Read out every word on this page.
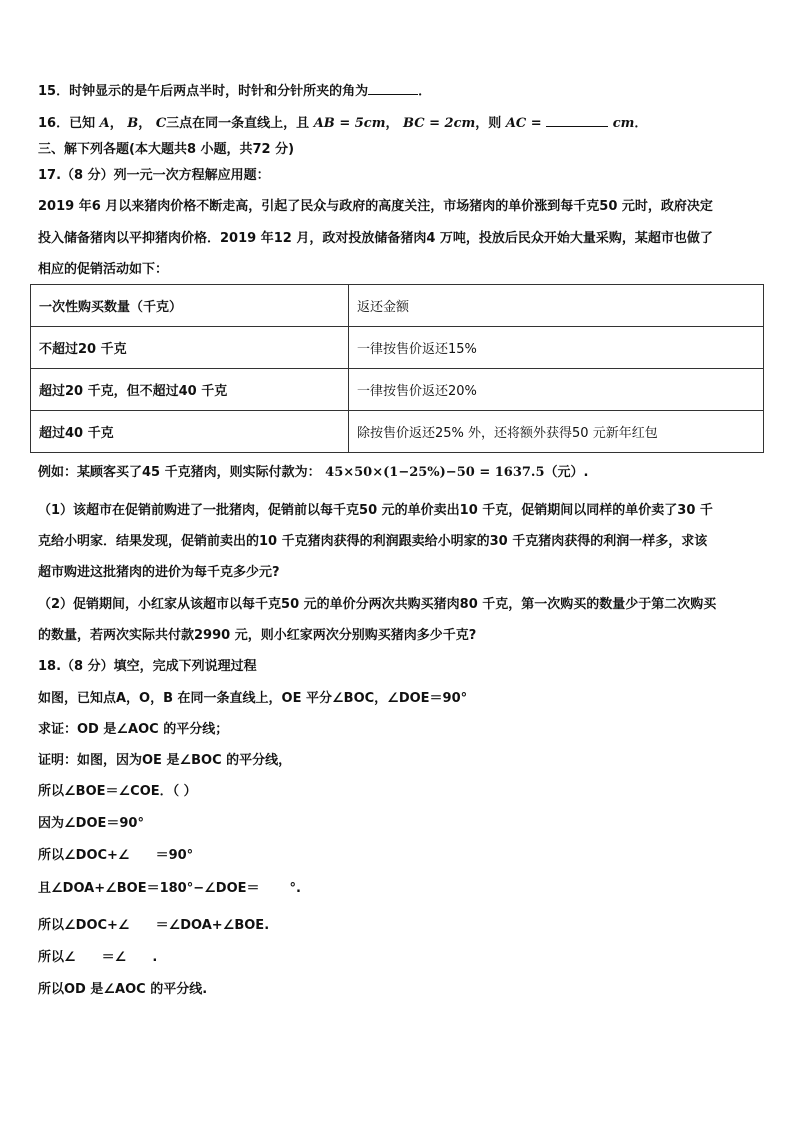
15．时钟显示的是午后两点半时，时针和分针所夹的角为	．
16．已知 A， B， C三点在同一条直线上，且 AB = 5cm， BC = 2cm，则 AC =	cm．
三、解下列各题(本大题共8 小题，共72 分)
17.（8 分）列一元一次方程解应用题：
2019 年6 月以来猪肉价格不断走高，引起了民众与政府的高度关注，市场猪肉的单价涨到每千克50 元时，政府决定
投入储备猪肉以平抑猪肉价格．2019 年12 月，政对投放储备猪肉4 万吨，投放后民众开始大量采购，某超市也做了
相应的促销活动如下：
一次性购买数量（千克）	返还金额
不超过20 千克	一律按售价返还15%
超过20 千克，但不超过40 千克	一律按售价返还20%
超过40 千克	除按售价返还25% 外，还将额外获得50 元新年红包
例如：某顾客买了45 千克猪肉，则实际付款为： 45×50×(1−25%)−50 = 1637.5（元）.
（1）该超市在促销前购进了一批猪肉，促销前以每千克50 元的单价卖出10 千克，促销期间以同样的单价卖了30 千
克给小明家．结果发现，促销前卖出的10 千克猪肉获得的利润跟卖给小明家的30 千克猪肉获得的利润一样多，求该
超市购进这批猪肉的进价为每千克多少元?
（2）促销期间，小红家从该超市以每千克50 元的单价分两次共购买猪肉80 千克，第一次购买的数量少于第二次购买
的数量，若两次实际共付款2990 元，则小红家两次分别购买猪肉多少千克?
18.（8 分）填空，完成下列说理过程
如图，已知点A，O，B 在同一条直线上，OE 平分∠BOC，∠DOE＝90°
求证：OD 是∠AOC 的平分线；
证明：如图，因为OE 是∠BOC 的平分线，
所以∠BOE＝∠COE．（ ）
因为∠DOE＝90°
所以∠DOC+∠ ＝90°
且∠DOA+∠BOE＝180°−∠DOE＝ °.
所以∠DOC+∠ ＝∠DOA+∠BOE.
所以∠ ＝∠ .
所以OD 是∠AOC 的平分线.
